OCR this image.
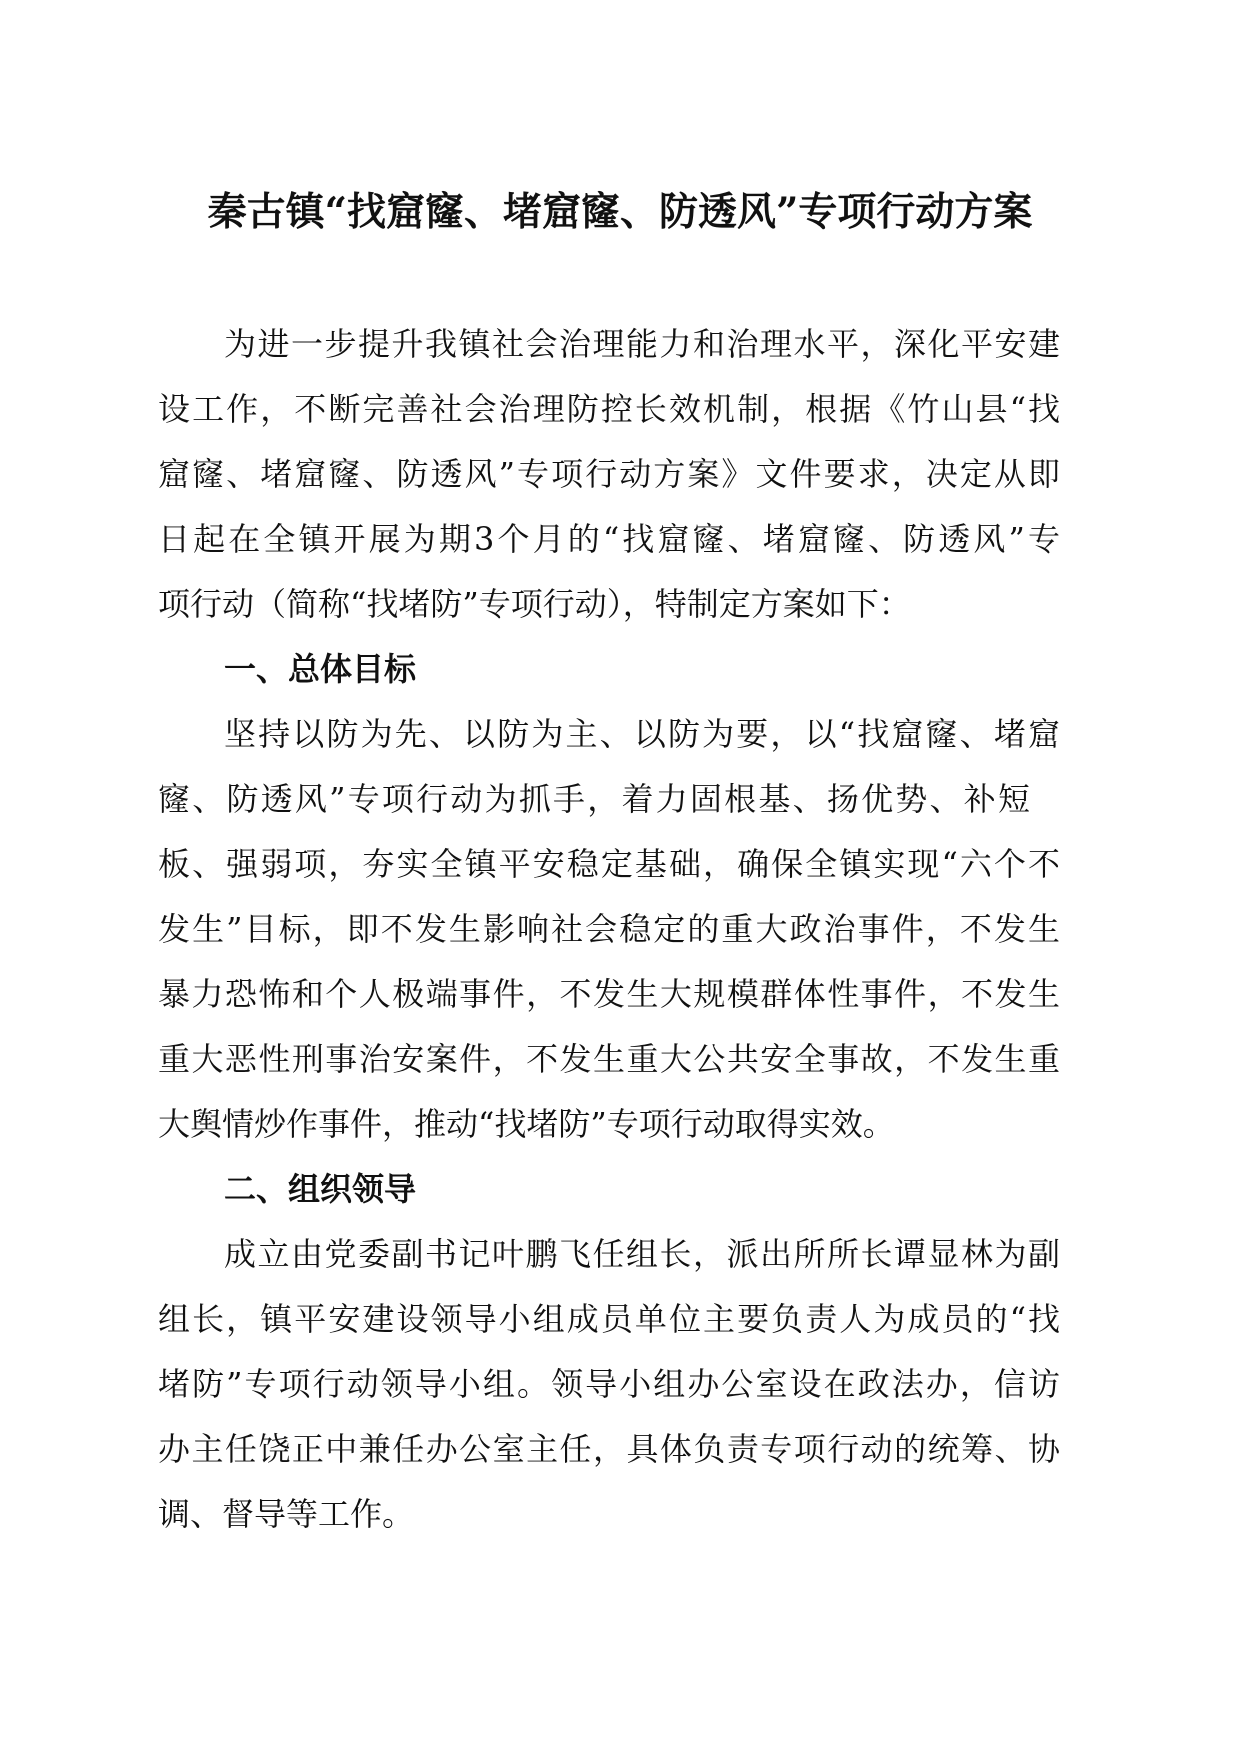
秦古镇“找窟窿、堵窟窿、防透风”专项行动方案
为进一步提升我镇社会治理能力和治理水平，深化平安建
设工作，不断完善社会治理防控长效机制，根据《竹山县“找
窟窿、堵窟窿、防透风”专项行动方案》文件要求，决定从即
日起在全镇开展为期3个月的“找窟窿、堵窟窿、防透风”专
项行动（简称“找堵防”专项行动），特制定方案如下：
一、总体目标
坚持以防为先、以防为主、以防为要，以“找窟窿、堵窟
窿、防透风”专项行动为抓手，着力固根基、扬优势、补短
板、强弱项，夯实全镇平安稳定基础，确保全镇实现“六个不
发生”目标，即不发生影响社会稳定的重大政治事件，不发生
暴力恐怖和个人极端事件，不发生大规模群体性事件，不发生
重大恶性刑事治安案件，不发生重大公共安全事故，不发生重
大舆情炒作事件，推动“找堵防”专项行动取得实效。
二、组织领导
成立由党委副书记叶鹏飞任组长，派出所所长谭显林为副
组长，镇平安建设领导小组成员单位主要负责人为成员的“找
堵防”专项行动领导小组。领导小组办公室设在政法办，信访
办主任饶正中兼任办公室主任，具体负责专项行动的统筹、协
调、督导等工作。
